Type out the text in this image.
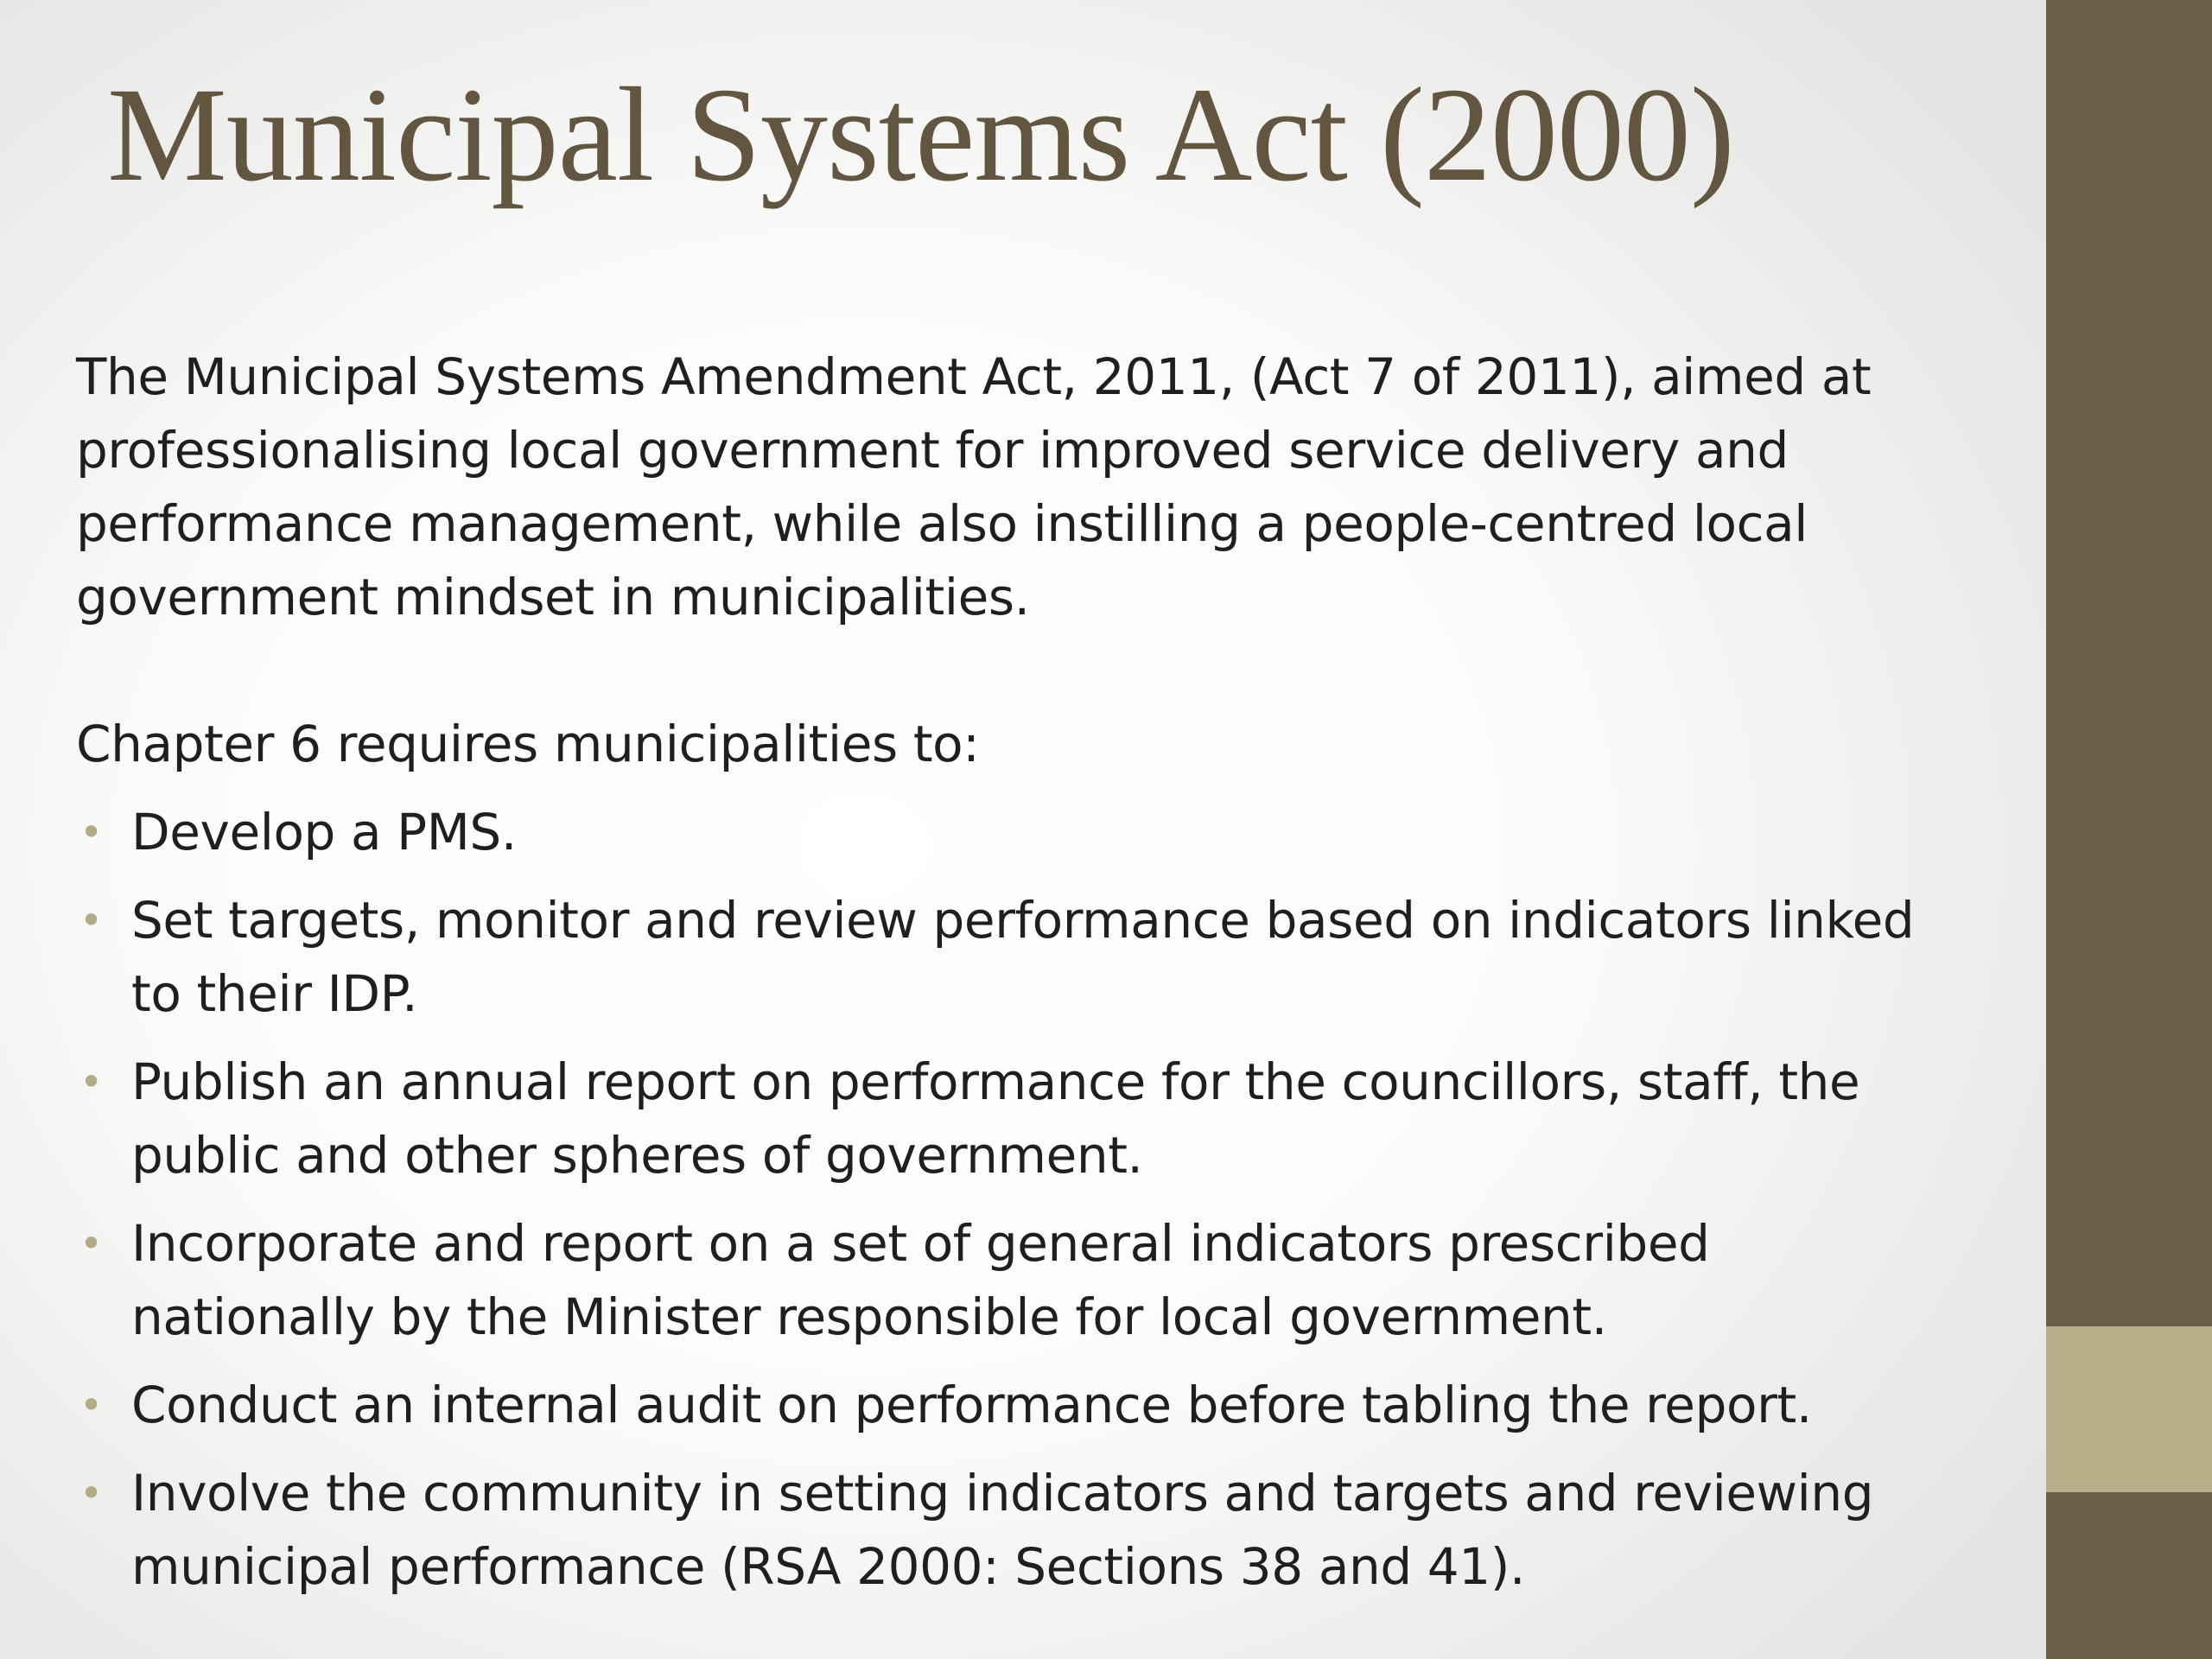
Municipal Systems Act (2000)

The Municipal Systems Amendment Act, 2011, (Act 7 of 2011), aimed at professionalising local government for improved service delivery and performance management, while also instilling a people-centred local government mindset in municipalities.

Chapter 6 requires municipalities to:

• Develop a PMS.
• Set targets, monitor and review performance based on indicators linked to their IDP.
• Publish an annual report on performance for the councillors, staff, the public and other spheres of government.
• Incorporate and report on a set of general indicators prescribed nationally by the Minister responsible for local government.
• Conduct an internal audit on performance before tabling the report.
• Involve the community in setting indicators and targets and reviewing municipal performance (RSA 2000: Sections 38 and 41).
